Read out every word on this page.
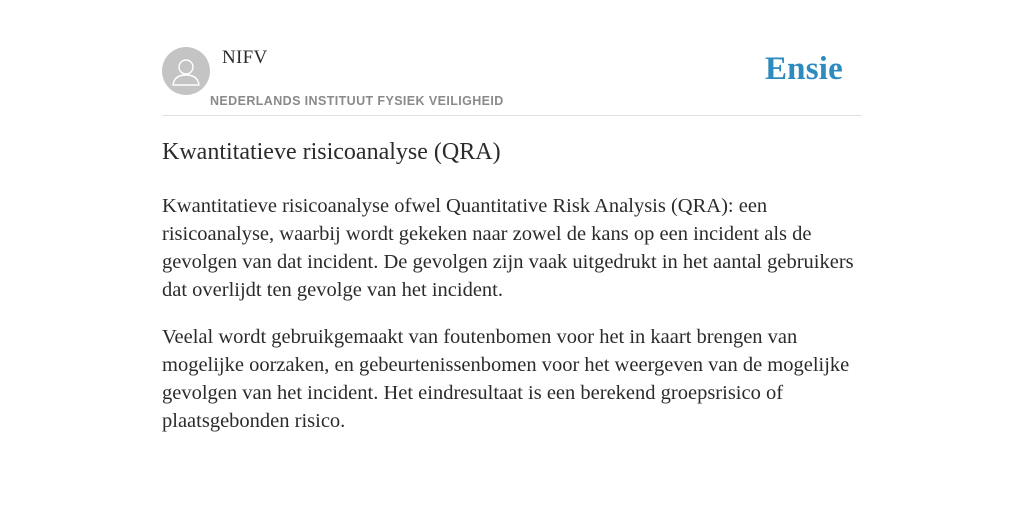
NIFV
NEDERLANDS INSTITUUT FYSIEK VEILIGHEID
Ensie
Kwantitatieve risicoanalyse (QRA)

Kwantitatieve risicoanalyse ofwel Quantitative Risk Analysis (QRA): een risicoanalyse, waarbij wordt gekeken naar zowel de kans op een incident als de gevolgen van dat incident. De gevolgen zijn vaak uitgedrukt in het aantal gebruikers dat overlijdt ten gevolge van het incident.

Veelal wordt gebruikgemaakt van foutenbomen voor het in kaart brengen van mogelijke oorzaken, en gebeurtenissenbomen voor het weergeven van de mogelijke gevolgen van het incident. Het eindresultaat is een berekend groepsrisico of plaatsgebonden risico.
